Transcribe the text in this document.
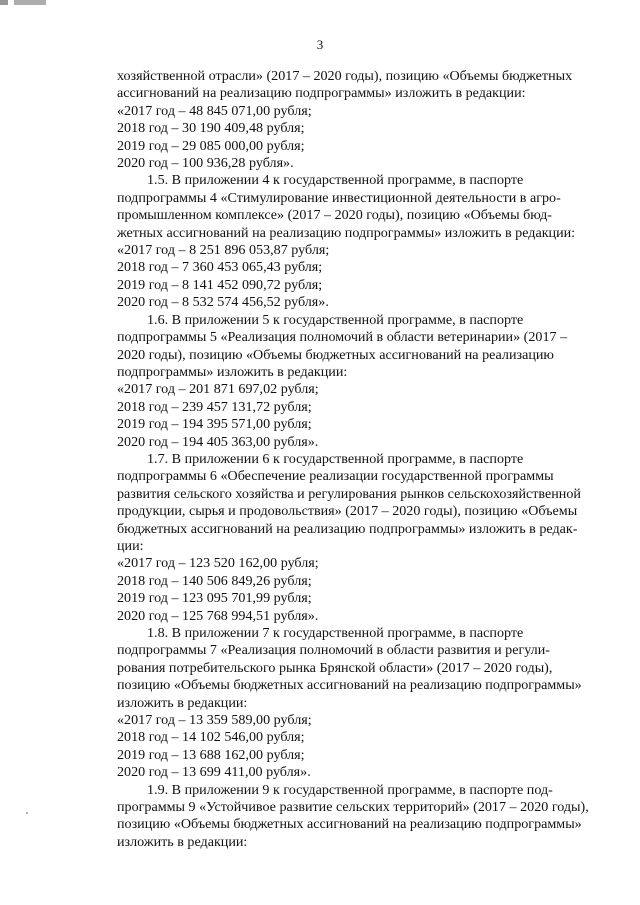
3

хозяйственной отрасли» (2017 – 2020 годы), позицию «Объемы бюджетных

ассигнований на реализацию подпрограммы» изложить в редакции:

«2017 год – 48 845 071,00 рубля;

2018 год – 30 190 409,48 рубля;

2019 год – 29 085 000,00 рубля;

2020 год – 100 936,28 рубля».

1.5. В приложении 4 к государственной программе, в паспорте

подпрограммы 4 «Стимулирование инвестиционной деятельности в агро-

промышленном комплексе» (2017 – 2020 годы), позицию «Объемы бюд-

жетных ассигнований на реализацию подпрограммы» изложить в редакции:

«2017 год – 8 251 896 053,87 рубля;

2018 год – 7 360 453 065,43 рубля;

2019 год – 8 141 452 090,72 рубля;

2020 год – 8 532 574 456,52 рубля».

1.6. В приложении 5 к государственной программе, в паспорте

подпрограммы 5 «Реализация полномочий в области ветеринарии» (2017 –

2020 годы), позицию «Объемы бюджетных ассигнований на реализацию

подпрограммы» изложить в редакции:

«2017 год – 201 871 697,02 рубля;

2018 год – 239 457 131,72 рубля;

2019 год – 194 395 571,00 рубля;

2020 год – 194 405 363,00 рубля».

1.7. В приложении 6 к государственной программе, в паспорте

подпрограммы 6 «Обеспечение реализации государственной программы

развития сельского хозяйства и регулирования рынков сельскохозяйственной

продукции, сырья и продовольствия» (2017 – 2020 годы), позицию «Объемы

бюджетных ассигнований на реализацию подпрограммы» изложить в редак-

ции:

«2017 год – 123 520 162,00 рубля;

2018 год – 140 506 849,26 рубля;

2019 год – 123 095 701,99 рубля;

2020 год – 125 768 994,51 рубля».

1.8. В приложении 7 к государственной программе, в паспорте

подпрограммы 7 «Реализация полномочий в области развития и регули-

рования потребительского рынка Брянской области» (2017 – 2020 годы),

позицию «Объемы бюджетных ассигнований на реализацию подпрограммы»

изложить в редакции:

«2017 год – 13 359 589,00 рубля;

2018 год – 14 102 546,00 рубля;

2019 год – 13 688 162,00 рубля;

2020 год – 13 699 411,00 рубля».

1.9. В приложении 9 к государственной программе, в паспорте под-

программы 9 «Устойчивое развитие сельских территорий» (2017 – 2020 годы),

позицию «Объемы бюджетных ассигнований на реализацию подпрограммы»

изложить в редакции:
